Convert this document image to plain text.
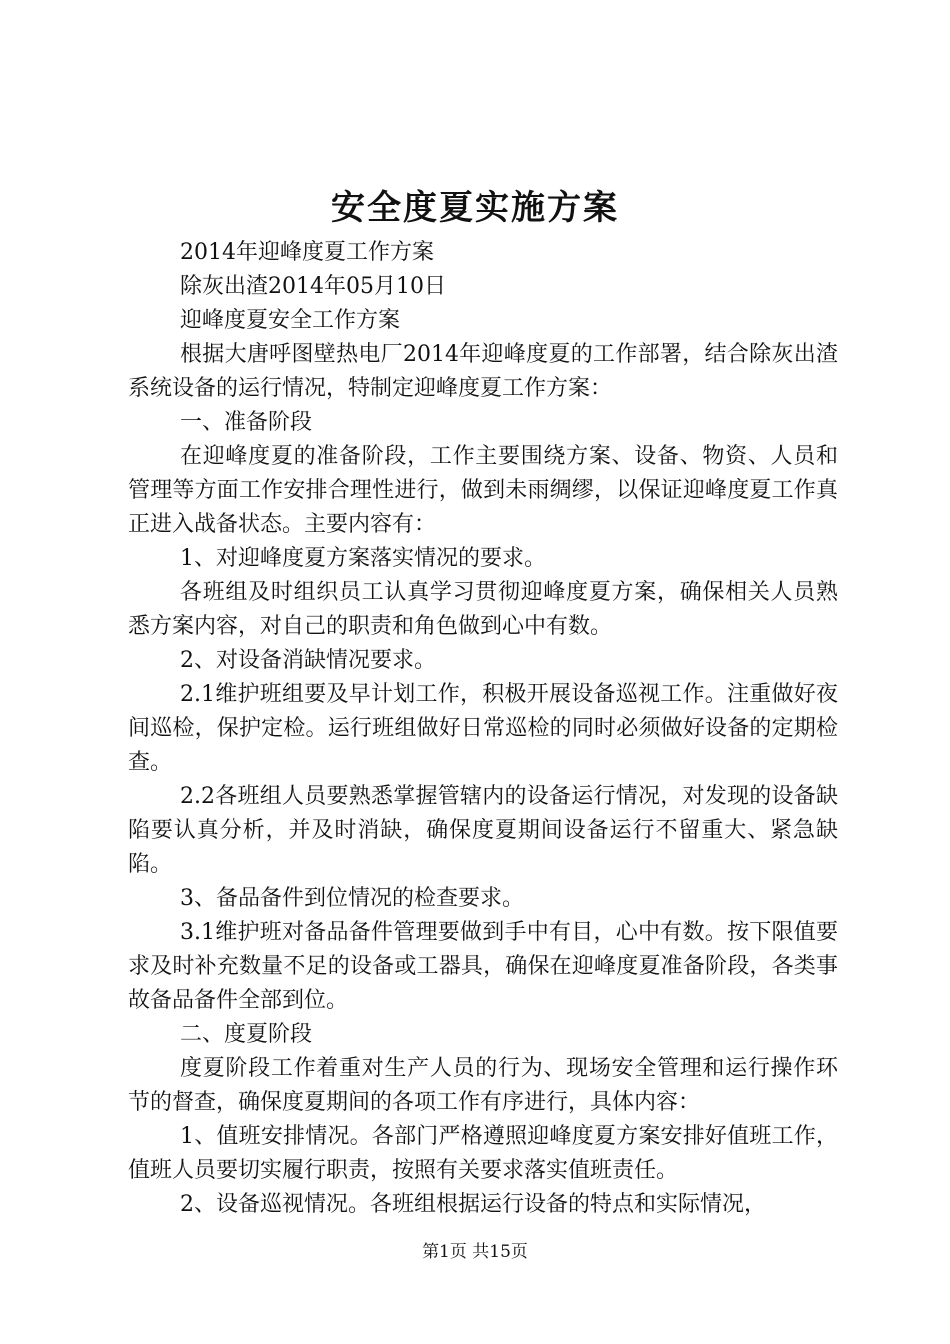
安全度夏实施方案

2014年迎峰度夏工作方案

除灰出渣2014年05月10日

迎峰度夏安全工作方案

根据大唐呼图壁热电厂2014年迎峰度夏的工作部署，结合除灰出渣系统设备的运行情况，特制定迎峰度夏工作方案：

一、准备阶段

在迎峰度夏的准备阶段，工作主要围绕方案、设备、物资、人员和管理等方面工作安排合理性进行，做到未雨绸缪，以保证迎峰度夏工作真正进入战备状态。主要内容有：

1、对迎峰度夏方案落实情况的要求。

各班组及时组织员工认真学习贯彻迎峰度夏方案，确保相关人员熟悉方案内容，对自己的职责和角色做到心中有数。

2、对设备消缺情况要求。

2.1维护班组要及早计划工作，积极开展设备巡视工作。注重做好夜间巡检，保护定检。运行班组做好日常巡检的同时必须做好设备的定期检查。

2.2各班组人员要熟悉掌握管辖内的设备运行情况，对发现的设备缺陷要认真分析，并及时消缺，确保度夏期间设备运行不留重大、紧急缺陷。

3、备品备件到位情况的检查要求。

3.1维护班对备品备件管理要做到手中有目，心中有数。按下限值要求及时补充数量不足的设备或工器具，确保在迎峰度夏准备阶段，各类事故备品备件全部到位。

二、度夏阶段

度夏阶段工作着重对生产人员的行为、现场安全管理和运行操作环节的督查，确保度夏期间的各项工作有序进行，具体内容：

1、值班安排情况。各部门严格遵照迎峰度夏方案安排好值班工作，值班人员要切实履行职责，按照有关要求落实值班责任。

2、设备巡视情况。各班组根据运行设备的特点和实际情况，

第1页 共15页
